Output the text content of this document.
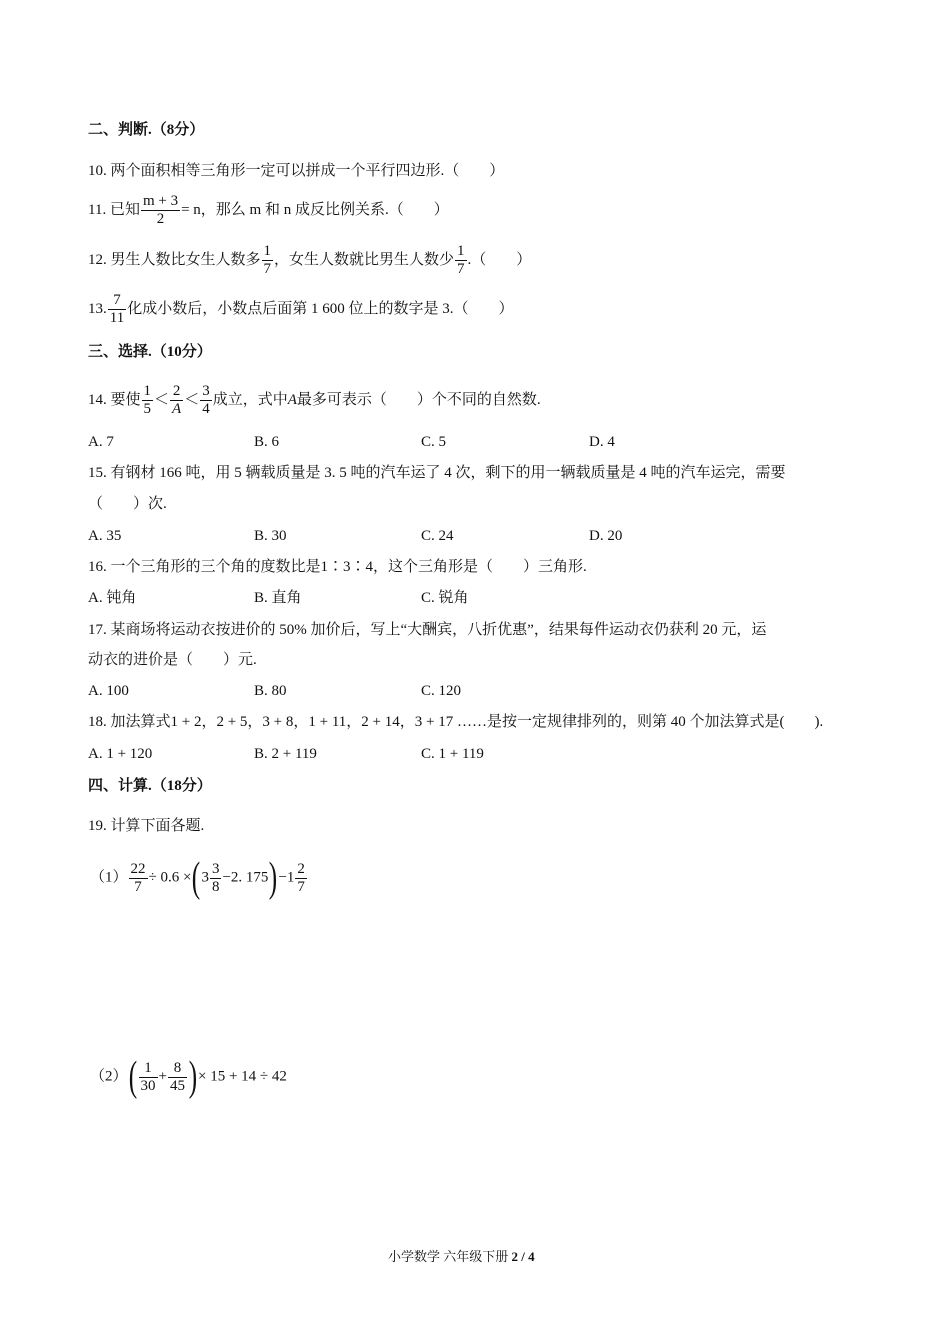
二、判断.（8分）
10. 两个面积相等三角形一定可以拼成一个平行四边形.（　　）
11. 已知 $\frac{m + 3}{2} = n$，那么 m 和 n 成反比例关系.（　　）
12. 男生人数比女生人数多 $\frac{1}{7}$ ，女生人数就比男生人数少 $\frac{1}{7}$ .（　　）
13. $\frac{7}{11}$ 化成小数后，小数点后面第 1 600 位上的数字是 3.（　　）
三、选择.（10分）
14. 要使 $\frac{1}{5} < \frac{2}{A} < \frac{3}{4}$ 成立，式中A最多可表示（　　）个不同的自然数.
A. 7	B. 6	C. 5	D. 4
15. 有钢材 166 吨，用 5 辆载质量是 3. 5 吨的汽车运了 4 次，剩下的用一辆载质量是 4 吨的汽车运完，需要
（　　）次.
A. 35	B. 30	C. 24	D. 20
16. 一个三角形的三个角的度数比是1∶3∶4，这个三角形是（　　）三角形.
A. 钝角	B. 直角	C. 锐角
17. 某商场将运动衣按进价的 50% 加价后，写上“大酬宾，八折优惠”，结果每件运动衣仍获利 20 元，运
动衣的进价是（　　）元.
A. 100	B. 80	C. 120
18. 加法算式1 + 2，2 + 5，3 + 8，1 + 11，2 + 14，3 + 17 ……是按一定规律排列的，则第 40 个加法算式是(　　).
A. 1 + 120	B. 2 + 119	C. 1 + 119
四、计算.（18分）
19. 计算下面各题.
$(1) \frac{22}{7} \div 0.6 \times(3 \frac{3}{8} -2$. $175)-1 \frac{2}{7}$
$(2)( \frac{1}{30} + \frac{8}{45}$ )× 15 + 14 ÷ 42
小学数学 六年级下册 2 / 4
